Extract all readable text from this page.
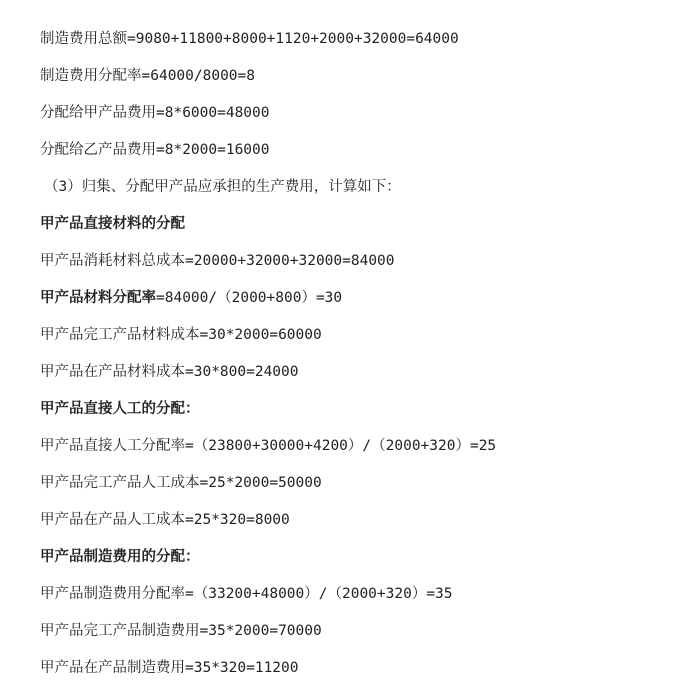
制造费用总额=9080+11800+8000+1120+2000+32000=64000
制造费用分配率=64000/8000=8
分配给甲产品费用=8*6000=48000
分配给乙产品费用=8*2000=16000
（3）归集、分配甲产品应承担的生产费用，计算如下：
甲产品直接材料的分配
甲产品消耗材料总成本=20000+32000+32000=84000
甲产品材料分配率=84000/（2000+800）=30
甲产品完工产品材料成本=30*2000=60000
甲产品在产品材料成本=30*800=24000
甲产品直接人工的分配：
甲产品直接人工分配率=（23800+30000+4200）/（2000+320）=25
甲产品完工产品人工成本=25*2000=50000
甲产品在产品人工成本=25*320=8000
甲产品制造费用的分配：
甲产品制造费用分配率=（33200+48000）/（2000+320）=35
甲产品完工产品制造费用=35*2000=70000
甲产品在产品制造费用=35*320=11200
